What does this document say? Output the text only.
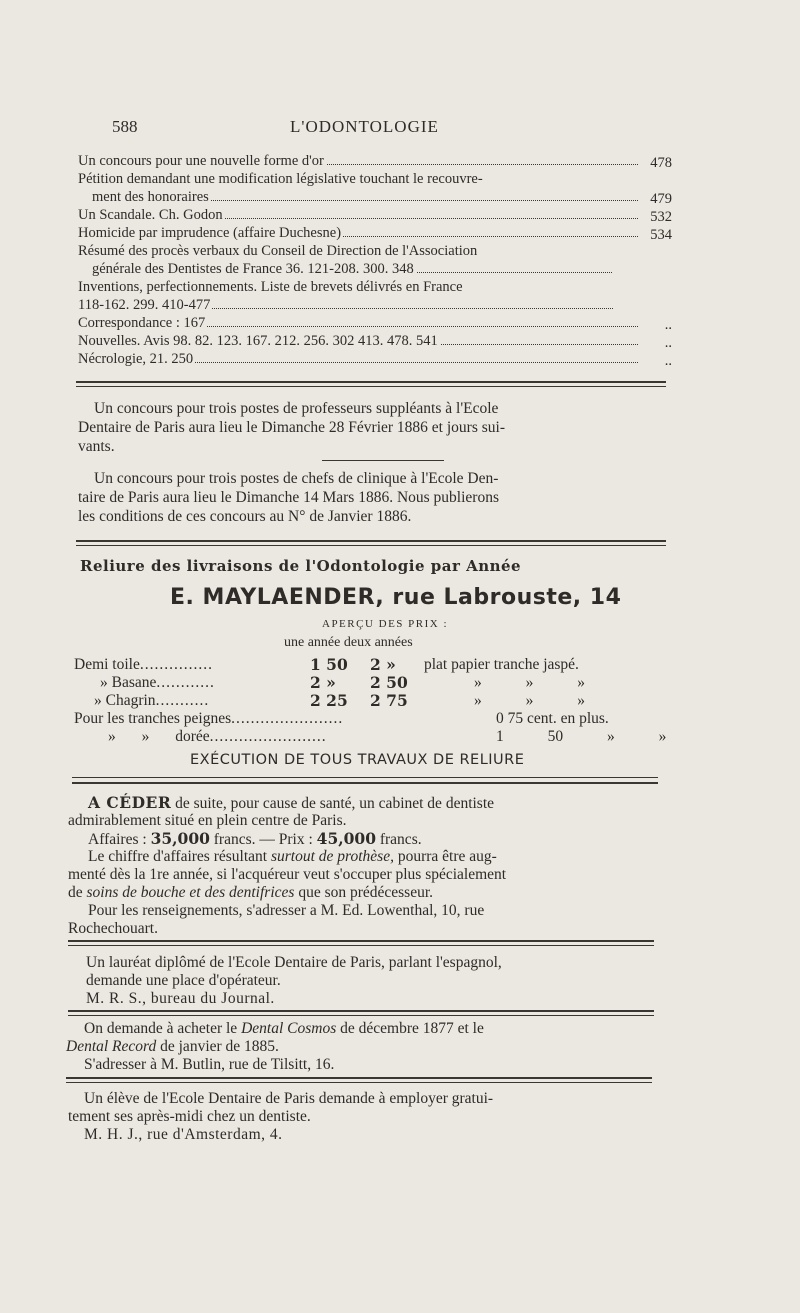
588	L'ODONTOLOGIE
Un concours pour une nouvelle forme d'or	478
Pétition demandant une modification législative touchant le recouvre-
ment des honoraires	479
Un Scandale. Ch. Godon	532
Homicide par imprudence (affaire Duchesne)	534
Résumé des procès verbaux du Conseil de Direction de l'Association
générale des Dentistes de France 36. 121-208. 300. 348
Inventions, perfectionnements. Liste de brevets délivrés en France
118-162. 299. 410-477
Correspondance : 167	..
Nouvelles. Avis 98. 82. 123. 167. 212. 256. 302 413. 478. 541	..
Nécrologie, 21. 250	..
Un concours pour trois postes de professeurs suppléants à l'Ecole
Dentaire de Paris aura lieu le Dimanche 28 Février 1886 et jours sui-
vants.
Un concours pour trois postes de chefs de clinique à l'Ecole Den-
taire de Paris aura lieu le Dimanche 14 Mars 1886. Nous publierons
les conditions de ces concours au N° de Janvier 1886.
Reliure des livraisons de l'Odontologie par Année
E. MAYLAENDER, rue Labrouste, 14
APERÇU DES PRIX :
une année deux années
Demi toile...............	1 50 2 » plat papier tranche jaspé.
» Basane............	2 » 2 50	» » »
» Chagrin...........	2 25 2 75	» » »
Pour les tranches peignes.......................	0 75 cent. en plus.
» » dorée........................	1 50 » »
EXÉCUTION DE TOUS TRAVAUX DE RELIURE
A CÉDER de suite, pour cause de santé, un cabinet de dentiste
admirablement situé en plein centre de Paris.
Affaires : 35,000 francs. — Prix : 45,000 francs.
Le chiffre d'affaires résultant surtout de prothèse, pourra être aug-
menté dès la 1re année, si l'acquéreur veut s'occuper plus spécialement
de soins de bouche et des dentifrices que son prédécesseur.
Pour les renseignements, s'adresser a M. Ed. Lowenthal, 10, rue
Rochechouart.
Un lauréat diplômé de l'Ecole Dentaire de Paris, parlant l'espagnol,
demande une place d'opérateur.
M. R. S., bureau du Journal.
On demande à acheter le Dental Cosmos de décembre 1877 et le
Dental Record de janvier de 1885.
S'adresser à M. Butlin, rue de Tilsitt, 16.
Un élève de l'Ecole Dentaire de Paris demande à employer gratui-
tement ses après-midi chez un dentiste.
M. H. J., rue d'Amsterdam, 4.
